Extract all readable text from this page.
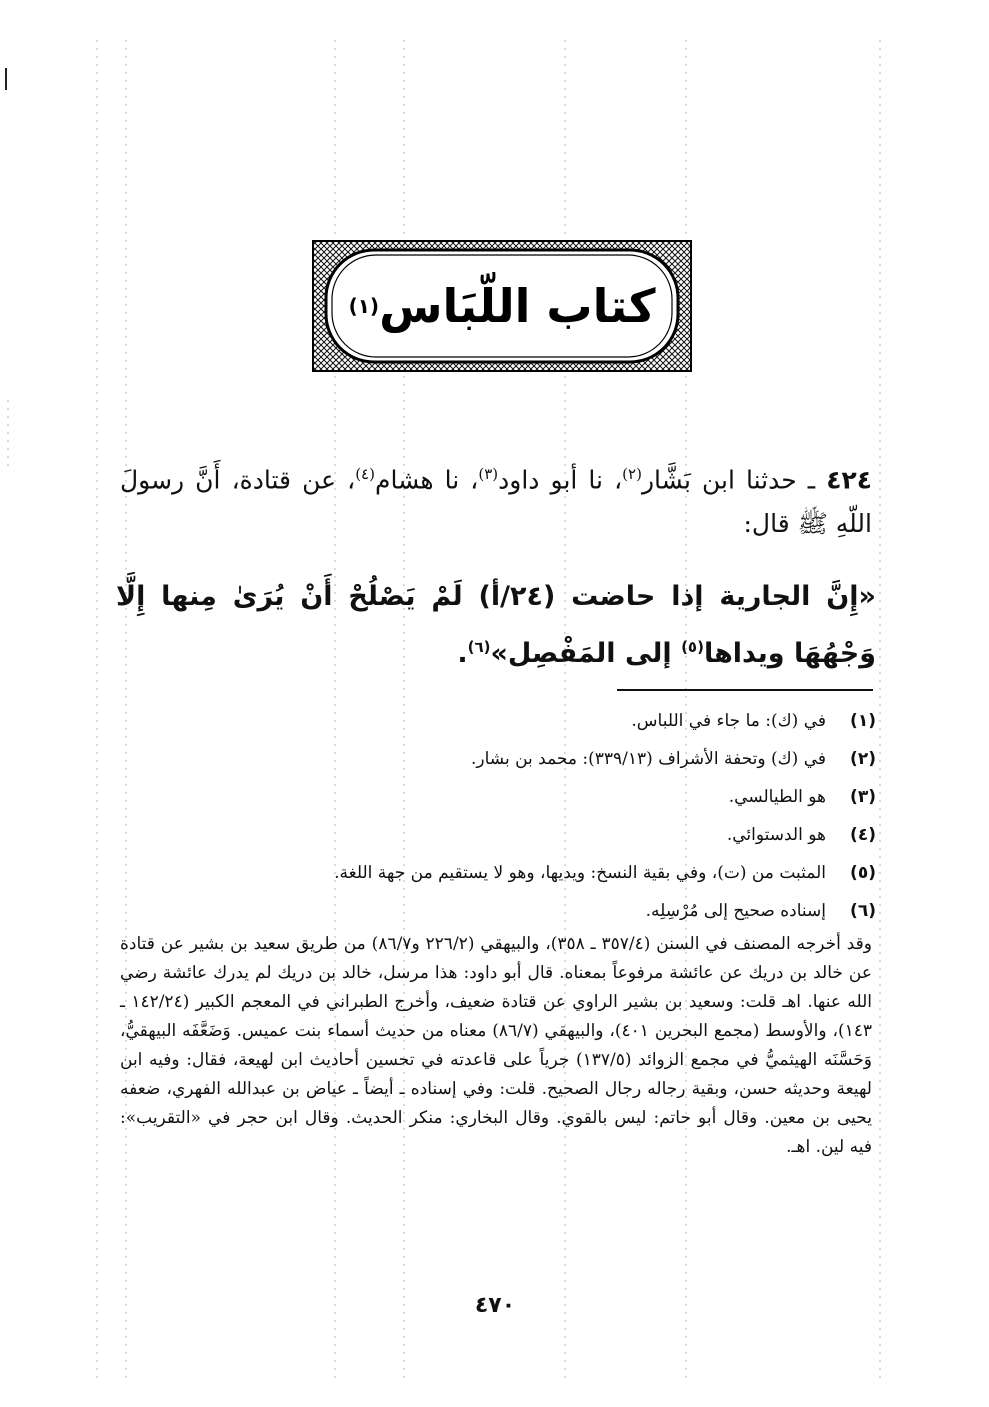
كتاب اللّبَاس
(١)
٤٢٤ ـ حدثنا ابن بَشَّار$^{(٢)}$، نا أبو داود$^{(٣)}$، نا هشام$^{(٤)}$، عن قتادة، أَنَّ رسولَ اللّهِ ﷺ قال:
«إِنَّ الجارية إذا حاضت (٢٤/أ) لَمْ يَصْلُحْ أَنْ يُرَىٰ مِنها إِلَّا وَجْهُهَا ويداها$^{(٥)}$ إلى المَفْصِل»$^{(٦)}$.
(١)
في (ك): ما جاء في اللباس.
(٢)
في (ك) وتحفة الأشراف (٣٣٩/١٣): محمد بن بشار.
(٣)
هو الطيالسي.
(٤)
هو الدستوائي.
(٥)
المثبت من (ت)، وفي بقية النسخ: ويديها، وهو لا يستقيم من جهة اللغة.
(٦)
إسناده صحيح إلى مُرْسِلِه.
وقد أخرجه المصنف في السنن (٣٥٧/٤ ـ ٣٥٨)، والبيهقي (٢٢٦/٢ و٨٦/٧) من طريق سعيد بن بشير عن قتادة عن خالد بن دريك عن عائشة مرفوعاً بمعناه. قال أبو داود: هذا مرسل، خالد بن دريك لم يدرك عائشة رضي الله عنها. اهـ قلت: وسعيد بن بشير الراوي عن قتادة ضعيف، وأخرج الطبراني في المعجم الكبير (١٤٢/٢٤ ـ ١٤٣)، والأوسط (مجمع البحرين ٤٠١)، والبيهقي (٨٦/٧) معناه من حديث أسماء بنت عميس. وَضَعَّفَه البيهقيُّ، وَحَسَّنَه الهيثميُّ في مجمع الزوائد (١٣٧/٥) جرياً على قاعدته في تحسين أحاديث ابن لهيعة، فقال: وفيه ابن لهيعة وحديثه حسن، وبقية رجاله رجال الصحيح. قلت: وفي إسناده ـ أيضاً ـ عياض بن عبدالله الفهري، ضعفه يحيى بن معين. وقال أبو حاتم: ليس بالقوي. وقال البخاري: منكر الحديث. وقال ابن حجر في «التقريب»: فيه لين. اهـ.
٤٧٠
